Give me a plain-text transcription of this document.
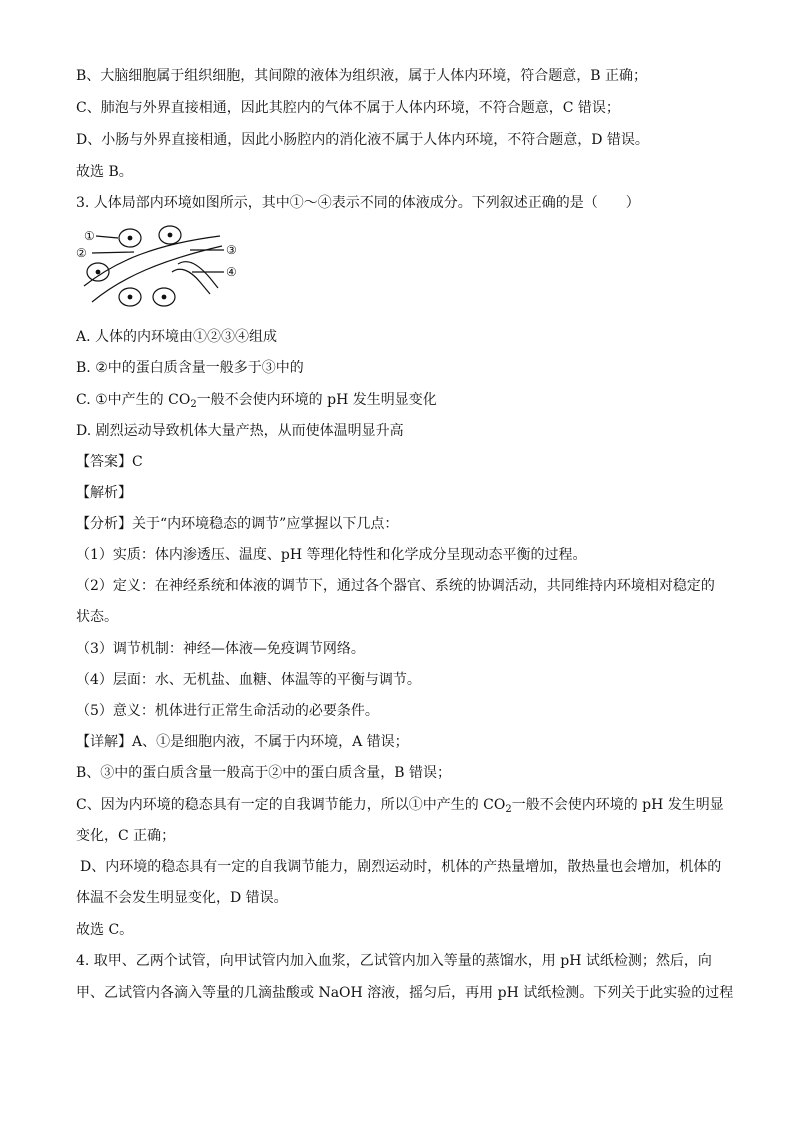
B、大脑细胞属于组织细胞，其间隙的液体为组织液，属于人体内环境，符合题意，B 正确；
C、肺泡与外界直接相通，因此其腔内的气体不属于人体内环境，不符合题意，C 错误；
D、小肠与外界直接相通，因此小肠腔内的消化液不属于人体内环境，不符合题意，D 错误。
故选 B。
3. 人体局部内环境如图所示，其中①～④表示不同的体液成分。下列叙述正确的是（　　）
①
②	③
④
A. 人体的内环境由①②③④组成
B. ②中的蛋白质含量一般多于③中的
C. ①中产生的 $CO_2$一般不会使内环境的 pH 发生明显变化
D. 剧烈运动导致机体大量产热，从而使体温明显升高
【答案】C
【解析】
【分析】关于“内环境稳态的调节”应掌握以下几点：
（1）实质：体内渗透压、温度、pH 等理化特性和化学成分呈现动态平衡的过程。
（2）定义：在神经系统和体液的调节下，通过各个器官、系统的协调活动，共同维持内环境相对稳定的
状态。
（3）调节机制：神经—体液—免疫调节网络。
（4）层面：水、无机盐、血糖、体温等的平衡与调节。
（5）意义：机体进行正常生命活动的必要条件。
【详解】A、①是细胞内液，不属于内环境，A 错误；
B、③中的蛋白质含量一般高于②中的蛋白质含量，B 错误；
C、因为内环境的稳态具有一定的自我调节能力，所以①中产生的 $CO_2$一般不会使内环境的 pH 发生明显
变化，C 正确；
D、内环境的稳态具有一定的自我调节能力，剧烈运动时，机体的产热量增加，散热量也会增加，机体的
体温不会发生明显变化，D 错误。
故选 C。
4. 取甲、乙两个试管，向甲试管内加入血浆，乙试管内加入等量的蒸馏水，用 pH 试纸检测；然后，向
甲、乙试管内各滴入等量的几滴盐酸或 NaOH 溶液，摇匀后，再用 pH 试纸检测。下列关于此实验的过程
